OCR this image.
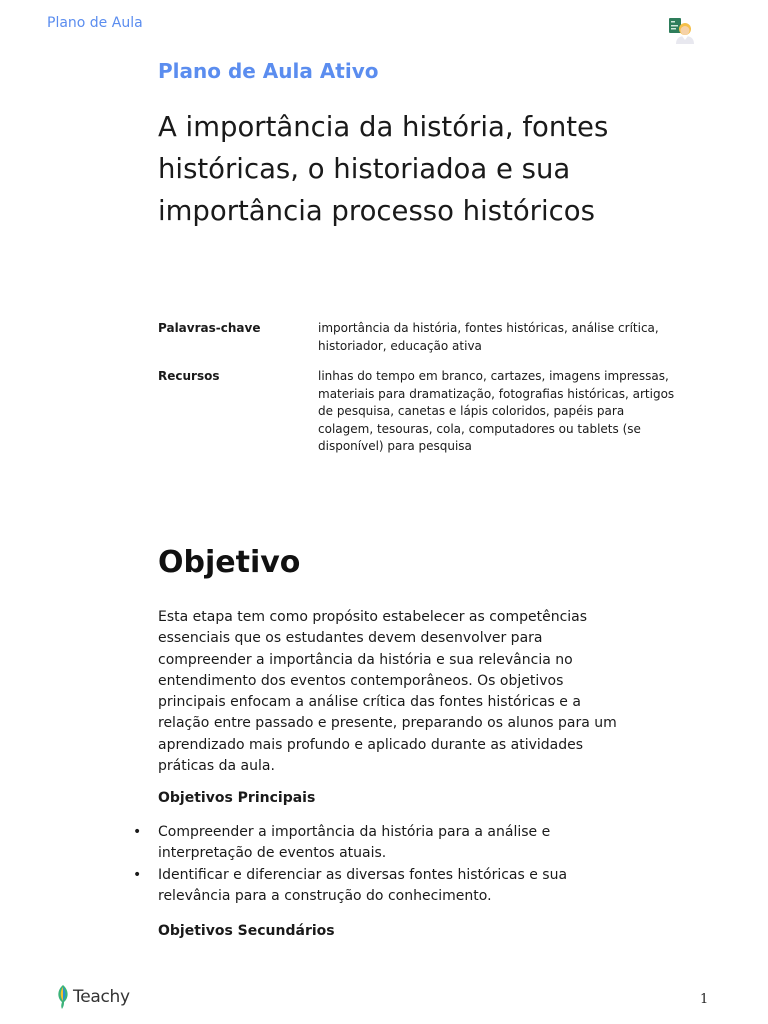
Plano de Aula
Plano de Aula Ativo
A importância da história, fontes históricas, o historiadoa e sua importância processo históricos
Palavras-chave	importância da história, fontes históricas, análise crítica, historiador, educação ativa
Recursos	linhas do tempo em branco, cartazes, imagens impressas, materiais para dramatização, fotografias históricas, artigos de pesquisa, canetas e lápis coloridos, papéis para colagem, tesouras, cola, computadores ou tablets (se disponível) para pesquisa
Objetivo

Esta etapa tem como propósito estabelecer as competências essenciais que os estudantes devem desenvolver para compreender a importância da história e sua relevância no entendimento dos eventos contemporâneos. Os objetivos principais enfocam a análise crítica das fontes históricas e a relação entre passado e presente, preparando os alunos para um aprendizado mais profundo e aplicado durante as atividades práticas da aula.

Objetivos Principais
• Compreender a importância da história para a análise e interpretação de eventos atuais.
• Identificar e diferenciar as diversas fontes históricas e sua relevância para a construção do conhecimento.
Objetivos Secundários
Teachy	1
